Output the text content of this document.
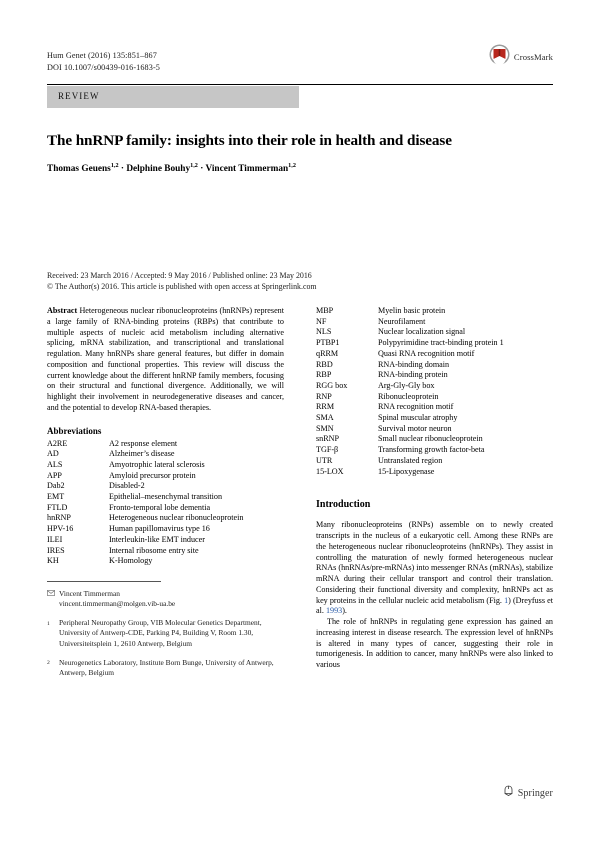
Hum Genet (2016) 135:851–867
DOI 10.1007/s00439-016-1683-5
CrossMark
REVIEW
The hnRNP family: insights into their role in health and disease
Thomas Geuens$^{1,2}$ · Delphine Bouhy$^{1,2}$ · Vincent Timmerman$^{1,2}$
Received: 23 March 2016 / Accepted: 9 May 2016 / Published online: 23 May 2016
© The Author(s) 2016. This article is published with open access at Springerlink.com

Abstract Heterogeneous nuclear ribonucleoproteins (hnRNPs) represent a large family of RNA-binding proteins (RBPs) that contribute to multiple aspects of nucleic acid metabolism including alternative splicing, mRNA stabilization, and transcriptional and translational regulation. Many hnRNPs share general features, but differ in domain composition and functional properties. This review will discuss the current knowledge about the different hnRNP family members, focusing on their structural and functional divergence. Additionally, we will highlight their involvement in neurodegenerative diseases and cancer, and the potential to develop RNA-based therapies.

Abbreviations
A2RE	A2 response element
AD	Alzheimer’s disease
ALS	Amyotrophic lateral sclerosis
APP	Amyloid precursor protein
Dab2	Disabled-2
EMT	Epithelial–mesenchymal transition
FTLD	Fronto-temporal lobe dementia
hnRNP	Heterogeneous nuclear ribonucleoprotein
HPV-16	Human papillomavirus type 16
ILEI	Interleukin-like EMT inducer
IRES	Internal ribosome entry site
KH	K-Homology
Vincent Timmerman
vincent.timmerman@molgen.vib-ua.be
1	Peripheral Neuropathy Group, VIB Molecular Genetics Department, University of Antwerp-CDE, Parking P4, Building V, Room 1.30, Universiteitsplein 1, 2610 Antwerp, Belgium
2	Neurogenetics Laboratory, Institute Born Bunge, University of Antwerp, Antwerp, Belgium
MBP	Myelin basic protein
NF	Neurofilament
NLS	Nuclear localization signal
PTBP1	Polypyrimidine tract-binding protein 1
qRRM	Quasi RNA recognition motif
RBD	RNA-binding domain
RBP	RNA-binding protein
RGG box	Arg-Gly-Gly box
RNP	Ribonucleoprotein
RRM	RNA recognition motif
SMA	Spinal muscular atrophy
SMN	Survival motor neuron
snRNP	Small nuclear ribonucleoprotein
TGF-β	Transforming growth factor-beta
UTR	Untranslated region
15-LOX	15-Lipoxygenase
Introduction

Many ribonucleoproteins (RNPs) assemble on to newly created transcripts in the nucleus of a eukaryotic cell. Among these RNPs are the heterogeneous nuclear ribonucleoproteins (hnRNPs). They assist in controlling the maturation of newly formed heterogeneous nuclear RNAs (hnRNAs/pre-mRNAs) into messenger RNAs (mRNAs), stabilize mRNA during their cellular transport and control their translation. Considering their functional diversity and complexity, hnRNPs act as key proteins in the cellular nucleic acid metabolism (Fig. 1) (Dreyfuss et al. 1993).

The role of hnRNPs in regulating gene expression has gained an increasing interest in disease research. The expression level of hnRNPs is altered in many types of cancer, suggesting their role in tumorigenesis. In addition to cancer, many hnRNPs were also linked to various

Springer
